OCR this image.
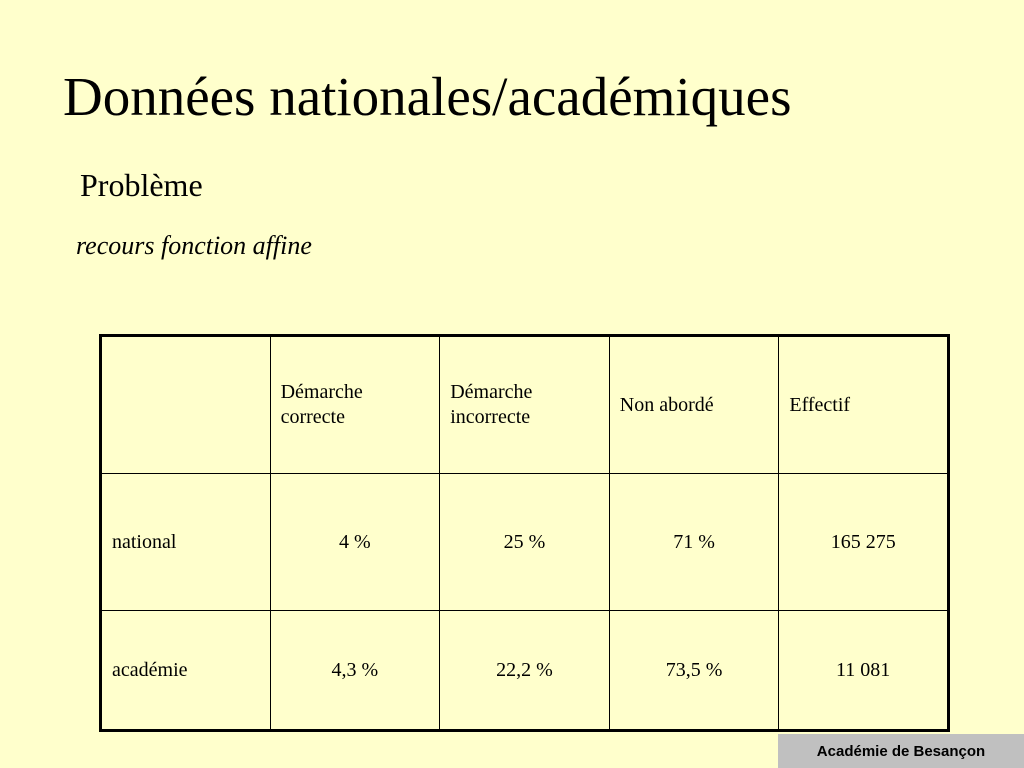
Données nationales/académiques
Problème
recours fonction affine
	Démarche correcte	Démarche incorrecte	Non abordé	Effectif
national	4 %	25 %	71 %	165 275
académie	4,3 %	22,2 %	73,5 %	11 081
Académie de Besançon
